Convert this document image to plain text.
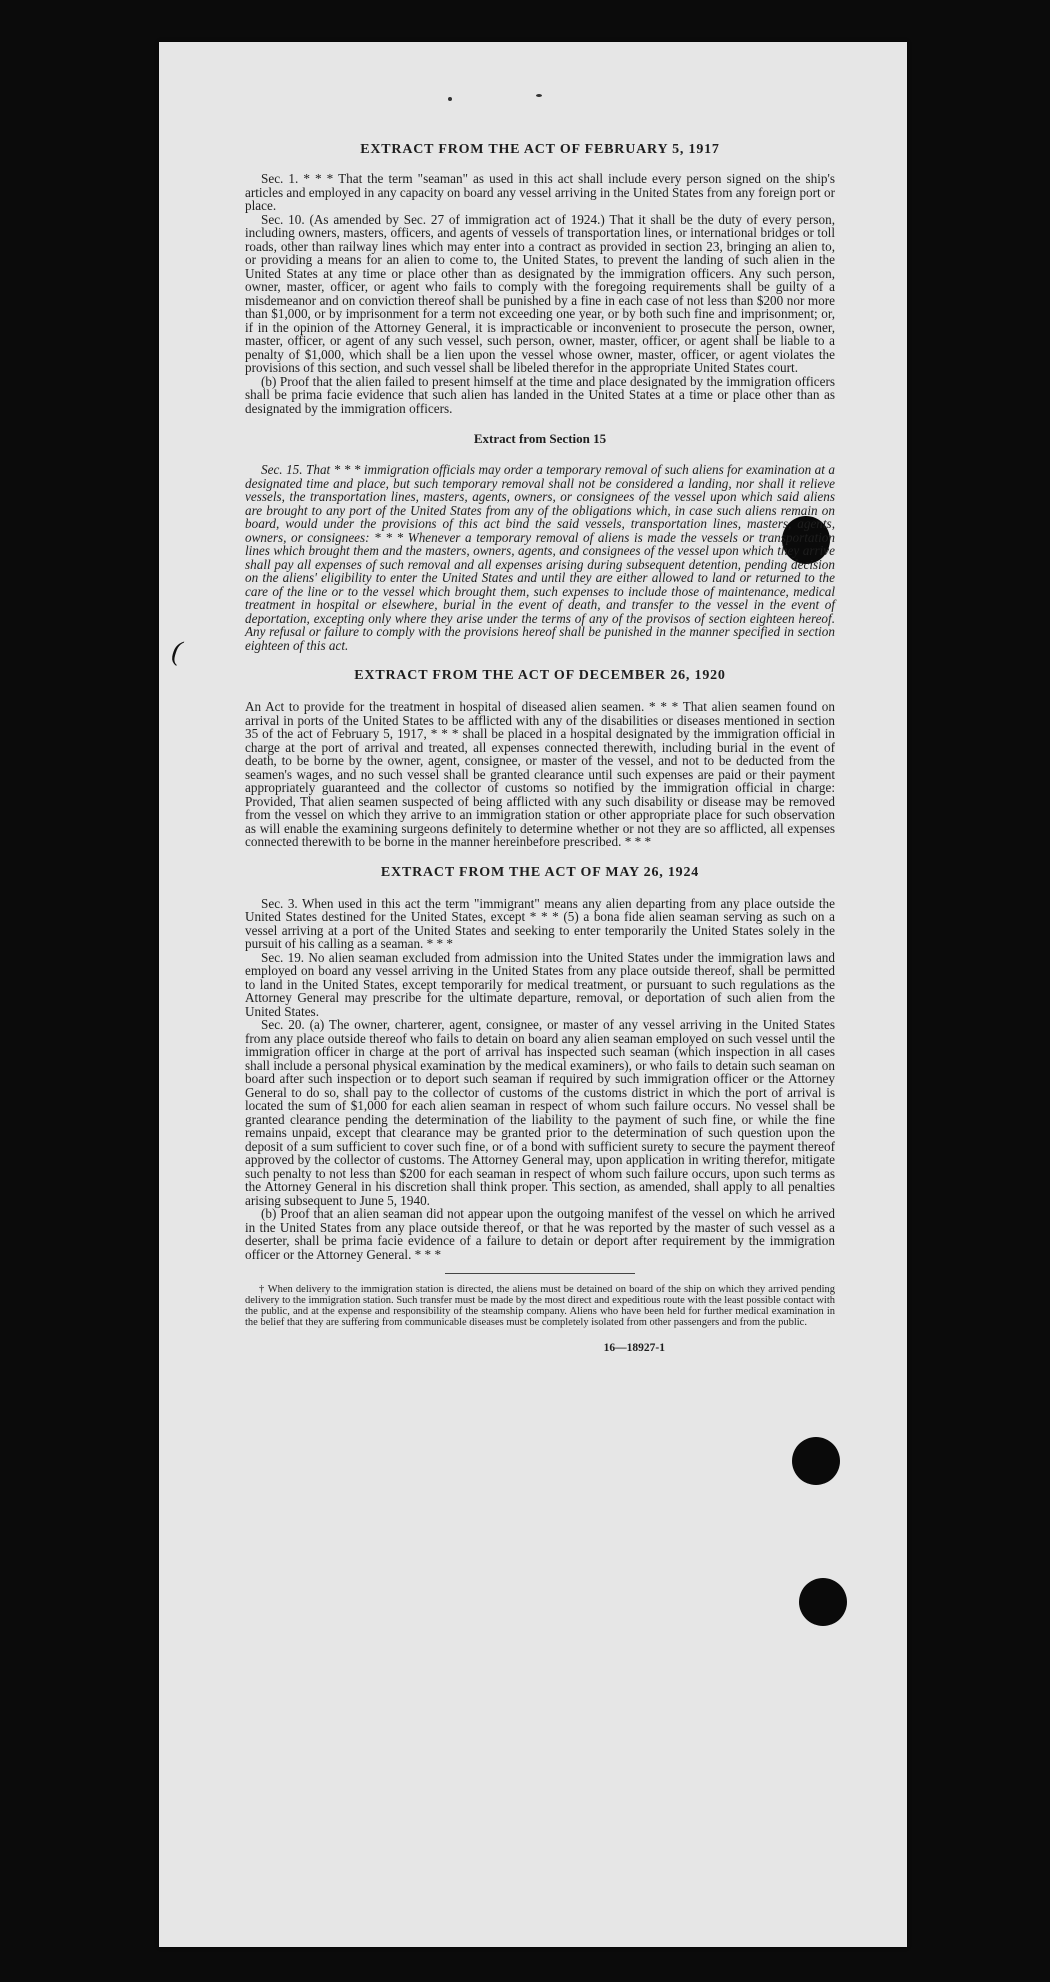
EXTRACT FROM THE ACT OF FEBRUARY 5, 1917

Sec. 1. * * * That the term "seaman" as used in this act shall include every person signed on the ship's articles and employed in any capacity on board any vessel arriving in the United States from any foreign port or place.

Sec. 10. (As amended by Sec. 27 of immigration act of 1924.) That it shall be the duty of every person, including owners, masters, officers, and agents of vessels of transportation lines, or international bridges or toll roads, other than railway lines which may enter into a contract as provided in section 23, bringing an alien to, or providing a means for an alien to come to, the United States, to prevent the landing of such alien in the United States at any time or place other than as designated by the immigration officers. Any such person, owner, master, officer, or agent who fails to comply with the foregoing requirements shall be guilty of a misdemeanor and on conviction thereof shall be punished by a fine in each case of not less than $200 nor more than $1,000, or by imprisonment for a term not exceeding one year, or by both such fine and imprisonment; or, if in the opinion of the Attorney General, it is impracticable or inconvenient to prosecute the person, owner, master, officer, or agent of any such vessel, such person, owner, master, officer, or agent shall be liable to a penalty of $1,000, which shall be a lien upon the vessel whose owner, master, officer, or agent violates the provisions of this section, and such vessel shall be libeled therefor in the appropriate United States court.

(b) Proof that the alien failed to present himself at the time and place designated by the immigration officers shall be prima facie evidence that such alien has landed in the United States at a time or place other than as designated by the immigration officers.

Extract from Section 15

Sec. 15. That * * * immigration officials may order a temporary removal of such aliens for examination at a designated time and place, but such temporary removal shall not be considered a landing, nor shall it relieve vessels, the transportation lines, masters, agents, owners, or consignees of the vessel upon which said aliens are brought to any port of the United States from any of the obligations which, in case such aliens remain on board, would under the provisions of this act bind the said vessels, transportation lines, masters, agents, owners, or consignees: * * * Whenever a temporary removal of aliens is made the vessels or transportation lines which brought them and the masters, owners, agents, and consignees of the vessel upon which they arrive shall pay all expenses of such removal and all expenses arising during subsequent detention, pending decision on the aliens' eligibility to enter the United States and until they are either allowed to land or returned to the care of the line or to the vessel which brought them, such expenses to include those of maintenance, medical treatment in hospital or elsewhere, burial in the event of death, and transfer to the vessel in the event of deportation, excepting only where they arise under the terms of any of the provisos of section eighteen hereof. Any refusal or failure to comply with the provisions hereof shall be punished in the manner specified in section eighteen of this act.

EXTRACT FROM THE ACT OF DECEMBER 26, 1920

An Act to provide for the treatment in hospital of diseased alien seamen. * * * That alien seamen found on arrival in ports of the United States to be afflicted with any of the disabilities or diseases mentioned in section 35 of the act of February 5, 1917, * * * shall be placed in a hospital designated by the immigration official in charge at the port of arrival and treated, all expenses connected therewith, including burial in the event of death, to be borne by the owner, agent, consignee, or master of the vessel, and not to be deducted from the seamen's wages, and no such vessel shall be granted clearance until such expenses are paid or their payment appropriately guaranteed and the collector of customs so notified by the immigration official in charge: Provided, That alien seamen suspected of being afflicted with any such disability or disease may be removed from the vessel on which they arrive to an immigration station or other appropriate place for such observation as will enable the examining surgeons definitely to determine whether or not they are so afflicted, all expenses connected therewith to be borne in the manner hereinbefore prescribed. * * *

EXTRACT FROM THE ACT OF MAY 26, 1924

Sec. 3. When used in this act the term "immigrant" means any alien departing from any place outside the United States destined for the United States, except * * * (5) a bona fide alien seaman serving as such on a vessel arriving at a port of the United States and seeking to enter temporarily the United States solely in the pursuit of his calling as a seaman. * * *

Sec. 19. No alien seaman excluded from admission into the United States under the immigration laws and employed on board any vessel arriving in the United States from any place outside thereof, shall be permitted to land in the United States, except temporarily for medical treatment, or pursuant to such regulations as the Attorney General may prescribe for the ultimate departure, removal, or deportation of such alien from the United States.

Sec. 20. (a) The owner, charterer, agent, consignee, or master of any vessel arriving in the United States from any place outside thereof who fails to detain on board any alien seaman employed on such vessel until the immigration officer in charge at the port of arrival has inspected such seaman (which inspection in all cases shall include a personal physical examination by the medical examiners), or who fails to detain such seaman on board after such inspection or to deport such seaman if required by such immigration officer or the Attorney General to do so, shall pay to the collector of customs of the customs district in which the port of arrival is located the sum of $1,000 for each alien seaman in respect of whom such failure occurs. No vessel shall be granted clearance pending the determination of the liability to the payment of such fine, or while the fine remains unpaid, except that clearance may be granted prior to the determination of such question upon the deposit of a sum sufficient to cover such fine, or of a bond with sufficient surety to secure the payment thereof approved by the collector of customs. The Attorney General may, upon application in writing therefor, mitigate such penalty to not less than $200 for each seaman in respect of whom such failure occurs, upon such terms as the Attorney General in his discretion shall think proper. This section, as amended, shall apply to all penalties arising subsequent to June 5, 1940.

(b) Proof that an alien seaman did not appear upon the outgoing manifest of the vessel on which he arrived in the United States from any place outside thereof, or that he was reported by the master of such vessel as a deserter, shall be prima facie evidence of a failure to detain or deport after requirement by the immigration officer or the Attorney General. * * *

† When delivery to the immigration station is directed, the aliens must be detained on board of the ship on which they arrived pending delivery to the immigration station. Such transfer must be made by the most direct and expeditious route with the least possible contact with the public, and at the expense and responsibility of the steamship company. Aliens who have been held for further medical examination in the belief that they are suffering from communicable diseases must be completely isolated from other passengers and from the public.

16—18927-1
(
